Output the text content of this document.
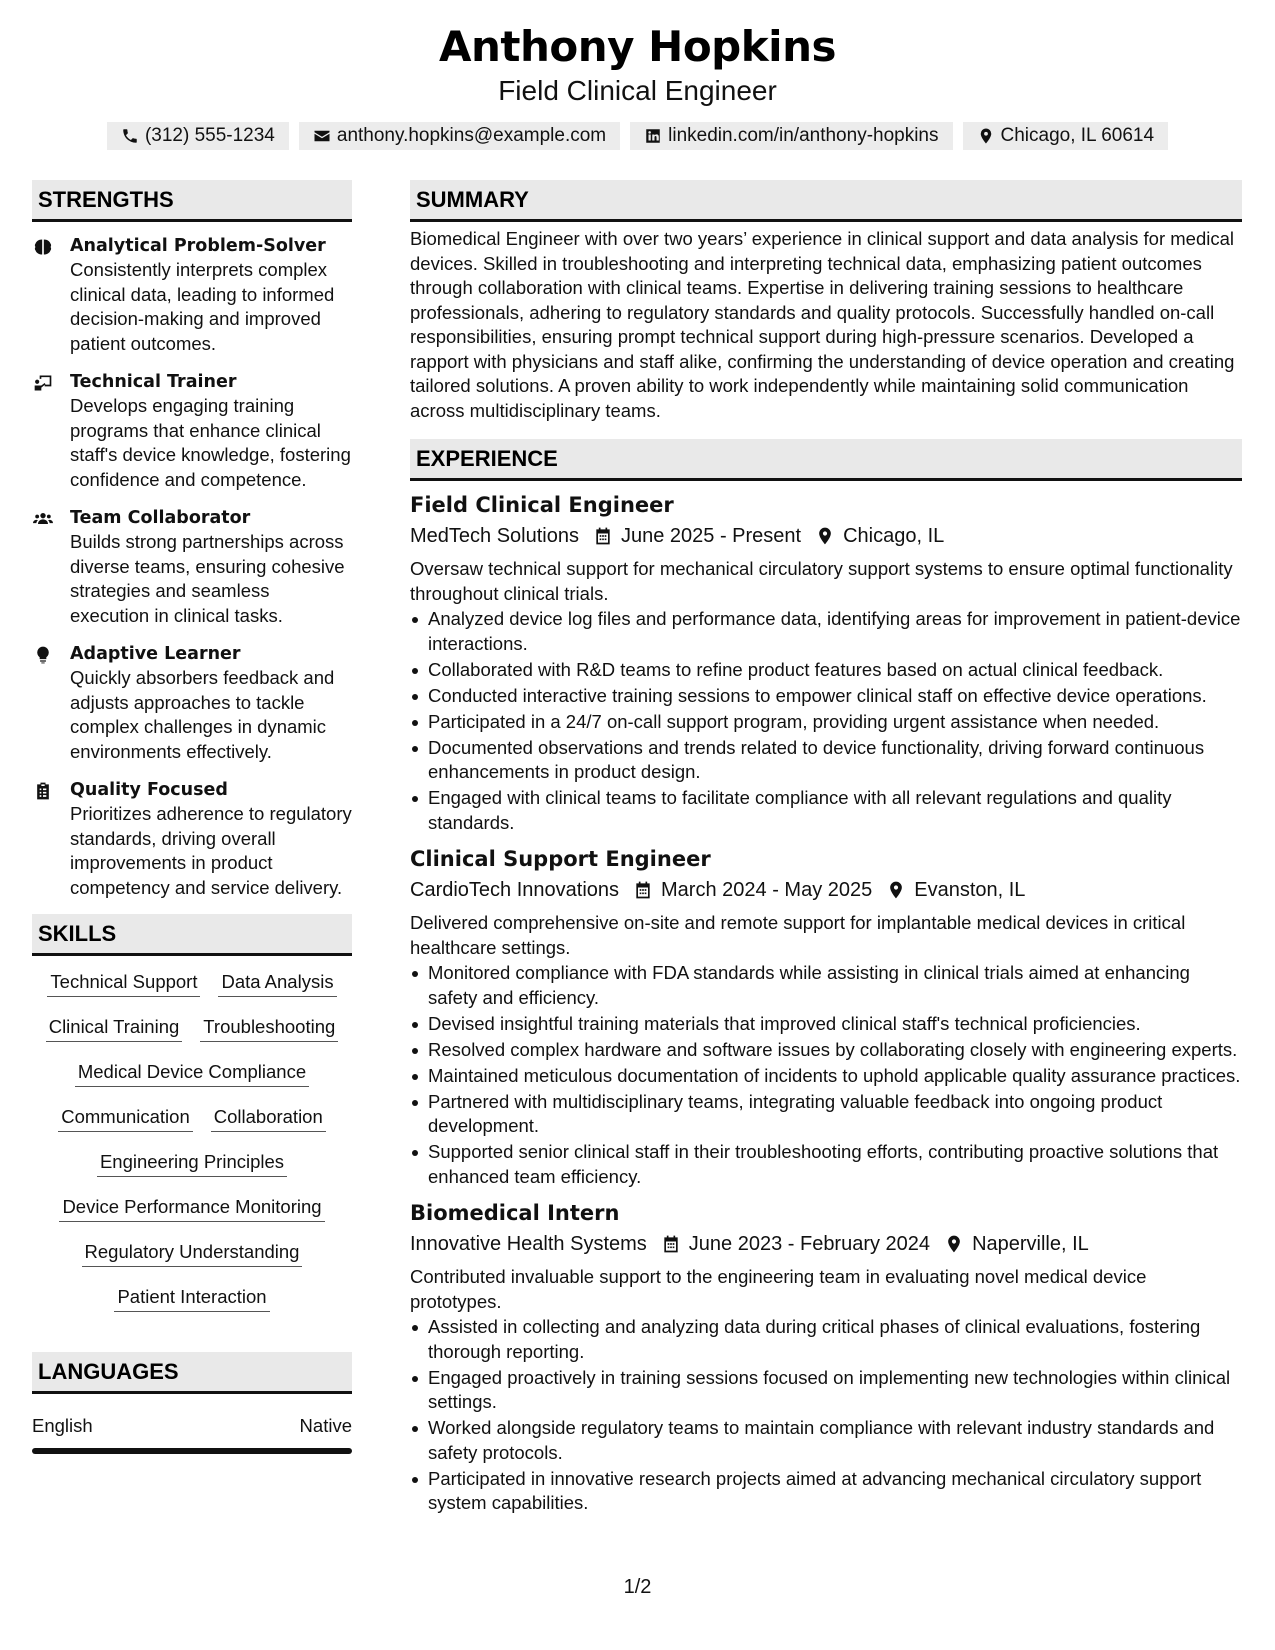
Anthony Hopkins
Field Clinical Engineer
(312) 555-1234	anthony.hopkins@example.com	linkedin.com/in/anthony-hopkins	Chicago, IL 60614
STRENGTHS
Analytical Problem-Solver
Consistently interprets complex clinical data, leading to informed decision-making and improved patient outcomes.
Technical Trainer
Develops engaging training programs that enhance clinical staff's device knowledge, fostering confidence and competence.
Team Collaborator
Builds strong partnerships across diverse teams, ensuring cohesive strategies and seamless execution in clinical tasks.
Adaptive Learner
Quickly absorbers feedback and adjusts approaches to tackle complex challenges in dynamic environments effectively.
Quality Focused
Prioritizes adherence to regulatory standards, driving overall improvements in product competency and service delivery.
SKILLS
Technical Support Data Analysis
Clinical Training Troubleshooting
Medical Device Compliance
Communication Collaboration
Engineering Principles
Device Performance Monitoring
Regulatory Understanding
Patient Interaction
LANGUAGES
English	Native
SUMMARY
Biomedical Engineer with over two years’ experience in clinical support and data analysis for medical devices. Skilled in troubleshooting and interpreting technical data, emphasizing patient outcomes through collaboration with clinical teams. Expertise in delivering training sessions to healthcare professionals, adhering to regulatory standards and quality protocols. Successfully handled on-call responsibilities, ensuring prompt technical support during high-pressure scenarios. Developed a rapport with physicians and staff alike, confirming the understanding of device operation and creating tailored solutions. A proven ability to work independently while maintaining solid communication across multidisciplinary teams.
EXPERIENCE
Field Clinical Engineer
MedTech Solutions June 2025 - Present Chicago, IL
Oversaw technical support for mechanical circulatory support systems to ensure optimal functionality throughout clinical trials.
Analyzed device log files and performance data, identifying areas for improvement in patient-device interactions.
Collaborated with R&D teams to refine product features based on actual clinical feedback.
Conducted interactive training sessions to empower clinical staff on effective device operations.
Participated in a 24/7 on-call support program, providing urgent assistance when needed.
Documented observations and trends related to device functionality, driving forward continuous enhancements in product design.
Engaged with clinical teams to facilitate compliance with all relevant regulations and quality standards.
Clinical Support Engineer
CardioTech Innovations March 2024 - May 2025 Evanston, IL
Delivered comprehensive on-site and remote support for implantable medical devices in critical healthcare settings.
Monitored compliance with FDA standards while assisting in clinical trials aimed at enhancing safety and efficiency.
Devised insightful training materials that improved clinical staff's technical proficiencies.
Resolved complex hardware and software issues by collaborating closely with engineering experts.
Maintained meticulous documentation of incidents to uphold applicable quality assurance practices.
Partnered with multidisciplinary teams, integrating valuable feedback into ongoing product development.
Supported senior clinical staff in their troubleshooting efforts, contributing proactive solutions that enhanced team efficiency.
Biomedical Intern
Innovative Health Systems June 2023 - February 2024 Naperville, IL
Contributed invaluable support to the engineering team in evaluating novel medical device prototypes.
Assisted in collecting and analyzing data during critical phases of clinical evaluations, fostering thorough reporting.
Engaged proactively in training sessions focused on implementing new technologies within clinical settings.
Worked alongside regulatory teams to maintain compliance with relevant industry standards and safety protocols.
Participated in innovative research projects aimed at advancing mechanical circulatory support system capabilities.
1/2
